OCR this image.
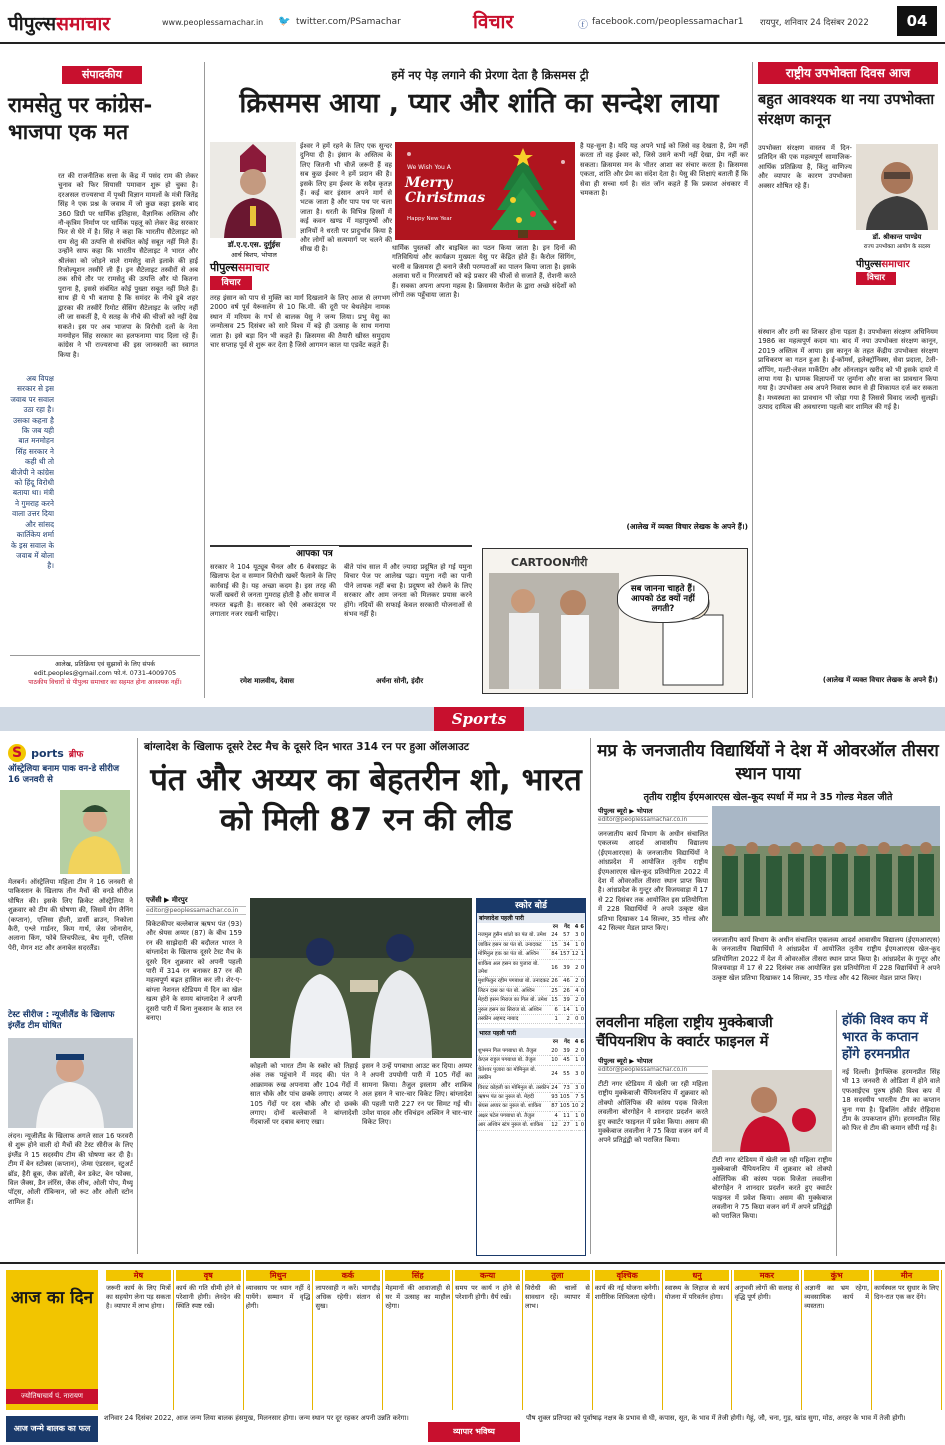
पीपुल्ससमाचार	www.peoplessamachar.in 🐦 twitter.com/PSamachar	विचार	ⓕ facebook.com/peoplessamachar1 रायपुर, शनिवार 24 दिसंबर 2022	04
संपादकीय
रामसेतु पर कांग्रेस-भाजपा एक मत
रत की राजनीतिक सत्ता के केंद्र में पसंद राम की लेकर चुनाव को फिर सियासी पमावान शुरू हो चुका है। दरअसल राज्यसभा में पृथ्वी विज्ञान मामलों के मंत्री जितेंद्र सिंह ने एक प्रश्न के जवाब में जो कुछ कहा इसके बाद 360 डिग्री पर धार्मिक इतिहास, वैज्ञानिक अस्तित्व और नौ-कृत्रिम निर्माण पर धार्मिक पहलू को लेकर केंद्र सरकार फिर से घेरे में है। सिंह ने कहा कि भारतीय सैटेलाइट को राम सेतु की उत्पत्ति से संबंधित कोई सबूत नहीं मिले हैं। उन्होंने साफ कहा कि भारतीय सैटेलाइट ने भारत और श्रीलंका को जोड़ने वाले रामसेतु वाले इलाके की हाई रिजोल्यूशन तस्वीरें ली हैं। इन सैटेलाइट तस्वीरों से अब तक सीधे तौर पर रामसेतु की उत्पत्ति और यो कितना पुराना है, इससे संबंधित कोई पुख्ता सबूत नहीं मिले हैं। साथ ही ये भी बताया है कि समंदर के नीचे डूबे शहर द्वारका की तस्वीरें रिमोट सेंसिंग सैटेलाइट के जरिए नहीं ली जा सकतीं है, ये सतह के नीचे की चीजों को नहीं देख सकते। इस पर अब भाजपा के विरोधी दलों के नेता मनमोहन सिंह सरकार का हलफनामा याद दिला रहे हैं। कांग्रेस ने भी राज्यसभा की इस जानकारी का स्वागत किया है।
अब विपक्ष सरकार से इस जवाब पर सवाल उठा रहा है। उसका कहना है कि जब यही बात मनमोहन सिंह सरकार ने कही थी तो बीजेपी ने कांग्रेस को हिंदू विरोधी बताया था। मंत्री ने गुमराह करने वाला उत्तर दिया और सांसद कार्तिकेय शर्मा के इस सवाल के जवाब में बोला है।
आलेख, प्रतिक्रिया एवं सुझावों के लिए संपर्क
edit.peoples@gmail.com फो.नं. 0731-4009705
पाठकीय विचारों से पीपुल्स समाचार का सहमत होना आवश्यक नहीं।
हमें नए पेड़ लगाने की प्रेरणा देता है क्रिसमस ट्री
क्रिसमस आया , प्यार और शांति का सन्देश लाया
डॉ.ए.ए.एस. दुर्गुईस
आर्च बिशप, भोपाल
ईश्वर ने हमें रहने के लिए एक सुन्दर दुनिया दी है। इंसान के अस्तित्व के लिए जितनी भी चीजें जरूरी हैं वह सब कुछ ईश्वर ने हमें प्रदान की है। इसके लिए हम ईश्वर के सदैव कृतज्ञ हैं। कई बार इंसान अपने मार्ग से भटक जाता है और पाप पथ पर चला जाता है। धरती के विभिन्न हिस्सों में कई कवन खण्ड में महापुरुषों और ज्ञानियों ने धरती पर प्रादुर्भाव किया है और लोगों को सत्यमार्ग पर चलने की सीख दी है।
पीपुल्ससमाचार
विचार
तरह इंसान को पाप से मुक्ति का मार्ग दिखलाने के लिए आज से लगभग 2000 वर्ष पूर्व येरूसलेम से 10 कि.मी. की दूरी पर बेथलेहेम नामक स्थान में मरियम के गर्भ से बालक येसु ने जन्म लिया। प्रभु येसु का जन्मोत्सव 25 दिसंबर को सारे विश्व में बड़े ही उत्साह के साथ मनाया जाता है। इसे बड़ा दिन भी कहते हैं। क्रिसमस की तैयारी खीस्त समुदाय चार सप्ताह पूर्व से शुरू कर देता है जिसे आगमन काल या एडवेंट कहते हैं।
We Wish You A
Merry Christmas
Happy New Year
धार्मिक पुस्तकों और बाइबिल का पठन किया जाता है। इन दिनों की गतिविधियां और कार्यक्रम मुख्यतः येसु पर केंद्रित होते हैं। कैरोल सिंगिंग, चरनी व क्रिसमस ट्री बनाने जैसी परम्पराओं का पालन किया जाता है। इसके अलावा घरों व गिरजाघरों को बड़े प्रकार की चीजों से सजाते हैं, रोशनी करते हैं। सबका अपना अपना महत्व है। क्रिसमस कैरोल के द्वारा अच्छे संदेशों को लोगों तक पहुँचाया जाता है।
है यह-सुना है। यदि यह अपने भाई को जिसे वह देखता है, प्रेम नहीं करता तो वह ईश्वर को, जिसे उसने कभी नहीं देखा, प्रेम नहीं कर सकता। क्रिसमस मन के भीतर आशा का संचार करता है। क्रिसमस एकता, शांति और प्रेम का संदेश देता है। येसु की शिक्षाएं बताती हैं कि सेवा ही सच्चा धर्म है। संत जॉन कहते हैं कि प्रकाश अंधकार में चमकता है।
(आलेख में व्यक्त विचार लेखक के अपने हैं।)
आपका पत्र
सरकार ने 104 यूट्यूब चैनल और 6 वेबसाइट के खिलाफ देश व सम्मान विरोधी खबरें फैलाने के लिए कार्रवाई की है। यह अच्छा कदम है। इस तरह की फर्जी खबरों से जनता गुमराह होती है और समाज में नफरत बढ़ती है। सरकार को ऐसे अकाउंट्स पर लगातार नजर रखनी चाहिए।
रमेश मालवीय, देवास
बीते पांच साल में और ज्यादा प्रदूषित हो गई यमुना विचार पेज पर आलेख पढ़ा। यमुना नदी का पानी पीने लायक नहीं बचा है। प्रदूषण को रोकने के लिए सरकार और आम जनता को मिलकर प्रयास करने होंगे। नदियों की सफाई केवल सरकारी योजनाओं से संभव नहीं है।
अर्चना सोनी, इंदौर
CARTOONगीरी
सब जानना चाहते हैं। आपको ठंड क्यों नहीं लगती?
राष्ट्रीय उपभोक्ता दिवस आज
बहुत आवश्यक था नया उपभोक्ता संरक्षण कानून
उपभोक्ता संरक्षण वास्तव में दिन-प्रतिदिन की एक महत्वपूर्ण सामाजिक-आर्थिक प्रतिक्रिया है, किंतु वाणिज्य और व्यापार के कारण उपभोक्ता अक्सर शोषित रहे हैं।
डॉ. श्रीकान्त पाण्डेय
राज्य उपभोक्ता आयोग के सदस्य
पीपुल्ससमाचार
विचार
संस्थान और ठगी का शिकार होना पड़ता है। उपभोक्ता संरक्षण अधिनियम 1986 का महत्वपूर्ण कदम था। बाद में नया उपभोक्ता संरक्षण कानून, 2019 अस्तित्व में आया। इस कानून के तहत केंद्रीय उपभोक्ता संरक्षण प्राधिकरण का गठन हुआ है। ई-कॉमर्स, इलेक्ट्रॉनिक्स, सेवा प्रदाता, टेली-शॉपिंग, मल्टी-लेवल मार्केटिंग और ऑनलाइन खरीद को भी इसके दायरे में लाया गया है। भ्रामक विज्ञापनों पर जुर्माना और सजा का प्रावधान किया गया है। उपभोक्ता अब अपने निवास स्थान से ही शिकायत दर्ज कर सकता है। मध्यस्थता का प्रावधान भी जोड़ा गया है जिससे विवाद जल्दी सुलझें। उत्पाद दायित्व की अवधारणा पहली बार शामिल की गई है।
(आलेख में व्यक्त विचार लेखक के अपने हैं।)
Sports
S ports ब्रीफ
ऑस्ट्रेलिया बनाम पाक वन-डे सीरीज 16 जनवरी से
मेलबर्न। ऑस्ट्रेलिया महिला टीम ने 16 जनवरी से पाकिस्तान के खिलाफ तीन मैचों की वनडे सीरीज घोषित की। इसके लिए क्रिकेट ऑस्ट्रेलिया ने शुक्रवार को टीम की घोषणा की, जिसमें मेग लैनिंग (कप्तान), एलिसा हीली, डार्सी ब्राउन, निकोला कैरी, एश्ले गार्डनर, किम गार्थ, जेस जोनासेन, अलाना किंग, फोबे लिचफील्ड, बेथ मूनी, एलिस पेरी, मेगन शट और अनाबेल सदरलैंड।
टेस्ट सीरीज : न्यूजीलैंड के खिलाफ इंग्लैंड टीम घोषित
लंदन। न्यूजीलैंड के खिलाफ अगले साल 16 फरवरी से शुरू होने वाली दो मैचों की टेस्ट सीरीज के लिए इंग्लैंड ने 15 सदस्यीय टीम की घोषणा कर दी है। टीम में बेन स्टोक्स (कप्तान), जेम्स एंडरसन, स्टुअर्ट ब्रॉड, हैरी ब्रूक, जैक क्रॉली, बेन डकेट, बेन फोक्स, विल जैक्स, डैन लॉरेंस, जैक लीच, ओली पोप, मैथ्यू पॉट्स, ओली रॉबिन्सन, जो रूट और ओली स्टोन शामिल हैं।
बांग्लादेश के खिलाफ दूसरे टेस्ट मैच के दूसरे दिन भारत 314 रन पर हुआ ऑलआउट
पंत और अय्यर का बेहतरीन शो, भारत को मिली 87 रन की लीड
एजेंसी ▶ मीरपुर
editor@peoplessamachar.co.in
विकेटकीपर बल्लेबाज ऋषभ पंत (93) और श्रेयस अय्यर (87) के बीच 159 रन की साझेदारी की बदौलत भारत ने बांग्लादेश के खिलाफ दूसरे टेस्ट मैच के दूसरे दिन शुक्रवार को अपनी पहली पारी में 314 रन बनाकर 87 रन की महत्वपूर्ण बढ़त हासिल कर ली। शेर-ए-बांग्ला नेशनल स्टेडियम में दिन का खेल खत्म होने के समय बांग्लादेश ने अपनी दूसरी पारी में बिना नुकसान के सात रन बनाए।
कोहली को भारत टीम के स्कोर को तिहाई अंक तक पहुंचाने में मदद की। पंत ने आक्रामक रुख अपनाया और 104 गेंदों में सात चौके और पांच छक्के लगाए। अय्यर ने 105 गेंदों पर दस चौके और दो छक्के लगाए। दोनों बल्लेबाजों ने बांग्लादेशी गेंदबाजों पर दबाव बनाए रखा।
इसन ने उन्हें पगबाधा आउट कर दिया। अय्यर ने अपनी उपयोगी पारी में 105 गेंदों का सामना किया। तैजुल इस्लाम और शाकिब अल हसन ने चार-चार विकेट लिए। बांग्लादेश की पहली पारी 227 रन पर सिमट गई थी। उमेश यादव और रविचंद्रन अश्विन ने चार-चार विकेट लिए।
स्कोर बोर्ड
बांग्लादेश पहली पारी
	रन	गेंद	4	6
नजमुल हुसैन शांतो का पंत बो. उमेश	24	57	3	0
जाकिर हसन का पंत बो. उनादकट	15	34	1	0
मोमिनुल हक का पंत बो. अश्विन	84	157	12	1
शाकिब अल हसन का पुजारा बो. उमेश	16	39	2	0
मुशफिकुर रहीम पगबाधा बो. उनादकट	26	46	2	0
लिटन दास का पंत बो. अश्विन	25	26	4	0
मेहदी हसन मिराज का गिल बो. उमेश	15	39	2	0
नुरुल हसन का सिराज बो. अश्विन	6	14	1	0
तस्कीन अहमद नाबाद	1	2	0	0
भारत पहली पारी
	रन	गेंद	4	6
शुभमन गिल पगबाधा बो. तैजुल	20	39	2	0
केएल राहुल पगबाधा बो. तैजुल	10	45	1	0
चेतेश्वर पुजारा का मोमिनुल बो. तस्कीन	24	55	3	0
विराट कोहली का मोमिनुल बो. तस्कीन	24	73	3	0
ऋषभ पंत का नुरुल बो. मेहदी	93	105	7	5
श्रेयस अय्यर का नुरुल बो. शाकिब	87	105	10	2
अक्षर पटेल पगबाधा बो. तैजुल	4	11	1	0
आर अश्विन स्टंप नुरुल बो. शाकिब	12	27	1	0
मप्र के जनजातीय विद्यार्थियों ने देश में ओवरऑल तीसरा स्थान पाया
तृतीय राष्ट्रीय ईएमआरएस खेल-कूद स्पर्धा में मप्र ने 35 गोल्ड मेडल जीते
पीपुल्स ब्यूरो ▶ भोपाल
editor@peoplessamachar.co.in
जनजातीय कार्य विभाग के अधीन संचालित एकलव्य आदर्श आवासीय विद्यालय (ईएमआरएस) के जनजातीय विद्यार्थियों ने आंध्रप्रदेश में आयोजित तृतीय राष्ट्रीय ईएमआरएस खेल-कूद प्रतियोगिता 2022 में देश में ओवरऑल तीसरा स्थान प्राप्त किया है। आंध्रप्रदेश के गुन्टूर और विजयवाड़ा में 17 से 22 दिसंबर तक आयोजित इस प्रतियोगिता में 228 विद्यार्थियों ने अपने उत्कृष्ट खेल प्रतिभा दिखाकर 14 सिल्वर, 35 गोल्ड और 42 सिल्वर मेडल प्राप्त किए।
जनजातीय कार्य विभाग के अधीन संचालित एकलव्य आदर्श आवासीय विद्यालय (ईएमआरएस) के जनजातीय विद्यार्थियों ने आंध्रप्रदेश में आयोजित तृतीय राष्ट्रीय ईएमआरएस खेल-कूद प्रतियोगिता 2022 में देश में ओवरऑल तीसरा स्थान प्राप्त किया है। आंध्रप्रदेश के गुन्टूर और विजयवाड़ा में 17 से 22 दिसंबर तक आयोजित इस प्रतियोगिता में 228 विद्यार्थियों ने अपने उत्कृष्ट खेल प्रतिभा दिखाकर 14 सिल्वर, 35 गोल्ड और 42 सिल्वर मेडल प्राप्त किए।
लवलीना महिला राष्ट्रीय मुक्केबाजी चैंपियनशिप के क्वार्टर फाइनल में
पीपुल्स ब्यूरो ▶ भोपाल
editor@peoplessamachar.co.in
टीटी नगर स्टेडियम में खेली जा रही महिला राष्ट्रीय मुक्केबाजी चैंपियनशिप में शुक्रवार को तोक्यो ओलिंपिक की कांस्य पदक विजेता लवलीना बोरगोहेन ने शानदार प्रदर्शन करते हुए क्वार्टर फाइनल में प्रवेश किया। असम की मुक्केबाज लवलीना ने 75 किग्रा वजन वर्ग में अपने प्रतिद्वंद्वी को पराजित किया।
टीटी नगर स्टेडियम में खेली जा रही महिला राष्ट्रीय मुक्केबाजी चैंपियनशिप में शुक्रवार को तोक्यो ओलिंपिक की कांस्य पदक विजेता लवलीना बोरगोहेन ने शानदार प्रदर्शन करते हुए क्वार्टर फाइनल में प्रवेश किया। असम की मुक्केबाज लवलीना ने 75 किग्रा वजन वर्ग में अपने प्रतिद्वंद्वी को पराजित किया।
हॉकी विश्व कप में भारत के कप्तान होंगे हरमनप्रीत
नई दिल्ली। ड्रैगफ्लिक हरमनप्रीत सिंह भी 13 जनवरी से ओडिशा में होने वाले एफआईएच पुरुष हॉकी विश्व कप में 18 सदस्यीय भारतीय टीम का कप्तान चुना गया है। ड्रिबलिंग ऑर्डर रोहिदास टीम के उपकप्तान होंगे। हरमनप्रीत सिंह को फिर से टीम की कमान सौंपी गई है।
आज का दिन
ज्योतिषाचार्य पं. नारायण
मेष
जरूरी कार्य के लिए मित्रों का सहयोग लेना पड़ सकता है। व्यापार में लाभ होगा।
वृष
कार्य की गति धीमी होने से परेशानी होगी। लेनदेन की स्थिति स्पष्ट रखें।
मिथुन
व्यावसाय पर ध्यान नहीं दे पायेंगे। सम्मान में वृद्धि होगी।
कर्क
लापरवाही न करें। भागदौड़ अधिक रहेगी। संतान से सुख।
सिंह
मेहमानों की आवाजाही से घर में उत्साह का माहौल रहेगा।
कन्या
समय पर कार्य न होने से परेशानी होगी। धैर्य रखें।
तुला
विरोधी की चालों से सावधान रहें। व्यापार में लाभ।
वृश्चिक
कार्य की नई योजना बनेगी। शारीरिक शिथिलता रहेगी।
धनु
स्वास्थ्य के लिहाज से कार्य योजना में परिवर्तन होगा।
मकर
अनुभवी लोगों की सलाह से वृद्धि पूर्ण होगी।
कुंभ
अज्ञानी का भ्रम रहेगा, व्यवसायिक कार्य में व्यस्तता।
मीन
कार्यस्थल पर सुधार के लिए दिन-रात एक कर देंगे।
आज जन्मे बालक का फल
शनिवार 24 दिसंबर 2022, आज जन्म लिया बालक हंसमुख, मिलनसार होगा। जन्म स्थान पर दूर रहकर अपनी उन्नति करेगा।
व्यापार भविष्य
पौष शुक्ल प्रतिपदा को पूर्वाषाढ़ नक्षत्र के प्रभाव से घी, कपास, सूत, के भाव में तेजी होगी। गेहूं, जौ, चना, गुड़, खांड सुगा, मोठ, अरहर के भाव में तेजी होगी।
